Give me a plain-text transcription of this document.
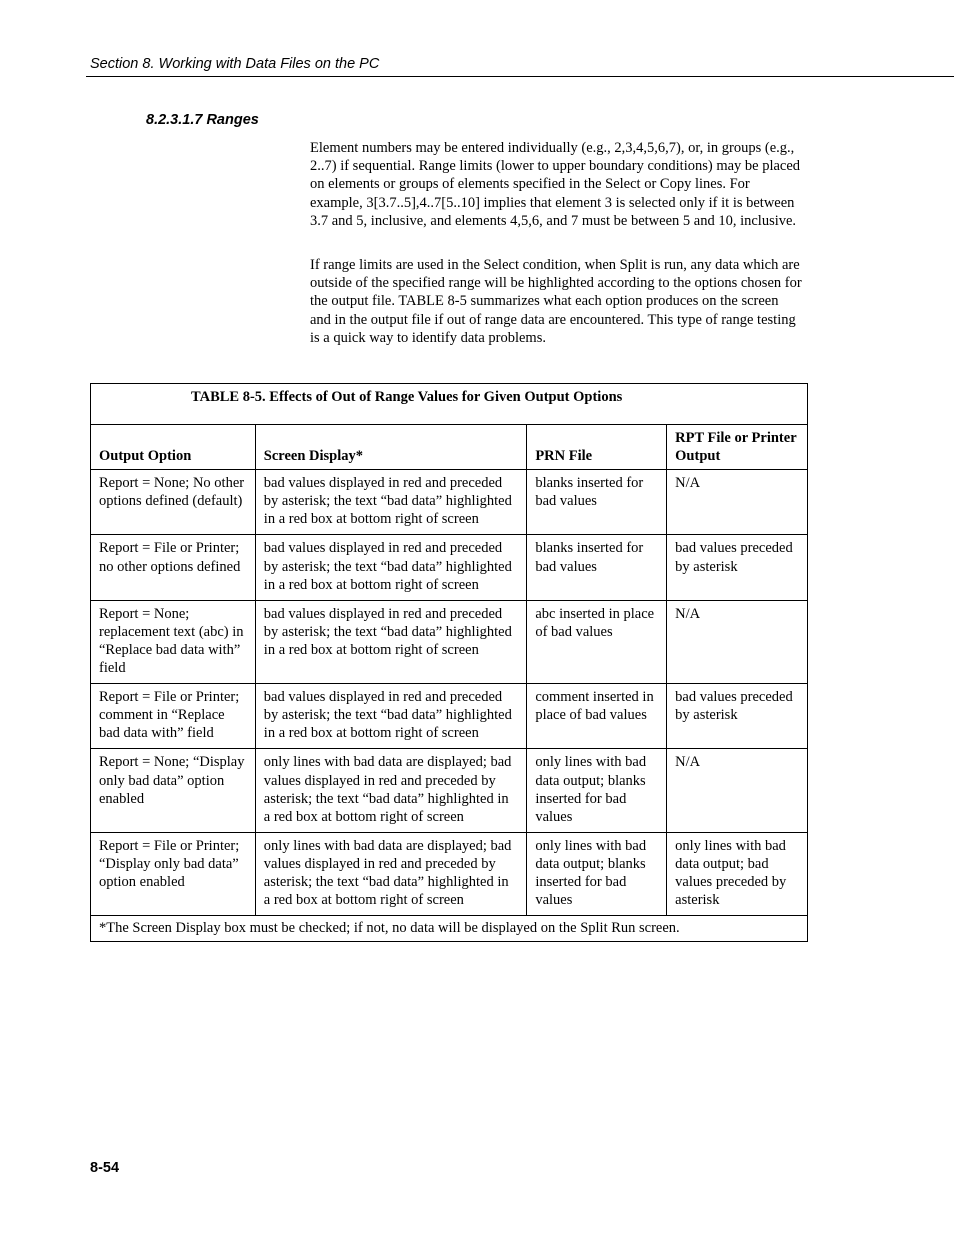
Section 8. Working with Data Files on the PC
8.2.3.1.7 Ranges

Element numbers may be entered individually (e.g., 2,3,4,5,6,7), or, in groups (e.g., 2..7) if sequential. Range limits (lower to upper boundary conditions) may be placed on elements or groups of elements specified in the Select or Copy lines. For example, 3[3.7..5],4..7[5..10] implies that element 3 is selected only if it is between 3.7 and 5, inclusive, and elements 4,5,6, and 7 must be between 5 and 10, inclusive.

If range limits are used in the Select condition, when Split is run, any data which are outside of the specified range will be highlighted according to the options chosen for the output file. TABLE 8-5 summarizes what each option produces on the screen and in the output file if out of range data are encountered. This type of range testing is a quick way to identify data problems.

TABLE 8-5. Effects of Out of Range Values for Given Output Options			
Output Option	Screen Display*	PRN File	RPT File or Printer Output
Report = None; No other options defined (default)	bad values displayed in red and preceded by asterisk; the text “bad data” highlighted in a red box at bottom right of screen	blanks inserted for bad values	N/A
Report = File or Printer; no other options defined	bad values displayed in red and preceded by asterisk; the text “bad data” highlighted in a red box at bottom right of screen	blanks inserted for bad values	bad values preceded by asterisk
Report = None; replacement text (abc) in “Replace bad data with” field	bad values displayed in red and preceded by asterisk; the text “bad data” highlighted in a red box at bottom right of screen	abc inserted in place of bad values	N/A
Report = File or Printer; comment in “Replace bad data with” field	bad values displayed in red and preceded by asterisk; the text “bad data” highlighted in a red box at bottom right of screen	comment inserted in place of bad values	bad values preceded by asterisk
Report = None; “Display only bad data” option enabled	only lines with bad data are displayed; bad values displayed in red and preceded by asterisk; the text “bad data” highlighted in a red box at bottom right of screen	only lines with bad data output; blanks inserted for bad values	N/A
Report = File or Printer; “Display only bad data” option enabled	only lines with bad data are displayed; bad values displayed in red and preceded by asterisk; the text “bad data” highlighted in a red box at bottom right of screen	only lines with bad data output; blanks inserted for bad values	only lines with bad data output; bad values preceded by asterisk
*The Screen Display box must be checked; if not, no data will be displayed on the Split Run screen.			
8-54
